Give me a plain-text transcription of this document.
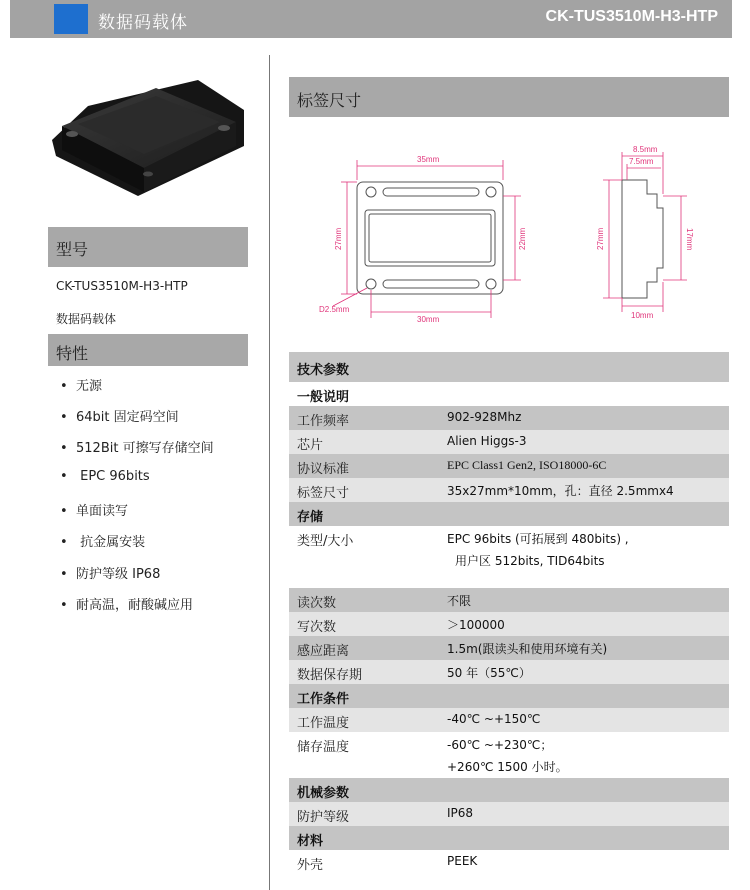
数据码载体	CK-TUS3510M-H3-HTP
型号
CK-TUS3510M-H3-HTP
数据码载体
特性
• 无源
• 64bit 固定码空间
• 512Bit 可擦写存储空间
• EPC 96bits
• 单面读写
• 抗金属安装
• 防护等级 IP68
• 耐高温，耐酸碱应用
标签尺寸
35mm
27mm	22mm
D2.5mm
30mm
8.5mm
7.5mm
27mm	17mm
10mm
技术参数
一般说明
工作频率	902-928Mhz
芯片	Alien Higgs-3
协议标准	EPC Class1 Gen2, ISO18000-6C
标签尺寸	35x27mm*10mm，孔：直径 2.5mmx4
存储
类型/大小	EPC 96bits (可拓展到 480bits) ,
用户区 512bits, TID64bits
读次数	不限
写次数	＞100000
感应距离	1.5m(跟读头和使用环境有关)
数据保存期	50 年（55℃）
工作条件
工作温度	-40℃ ~+150℃
储存温度	-60℃ ~+230℃；
+260℃ 1500 小时。
机械参数
防护等级	IP68
材料
外壳	PEEK
